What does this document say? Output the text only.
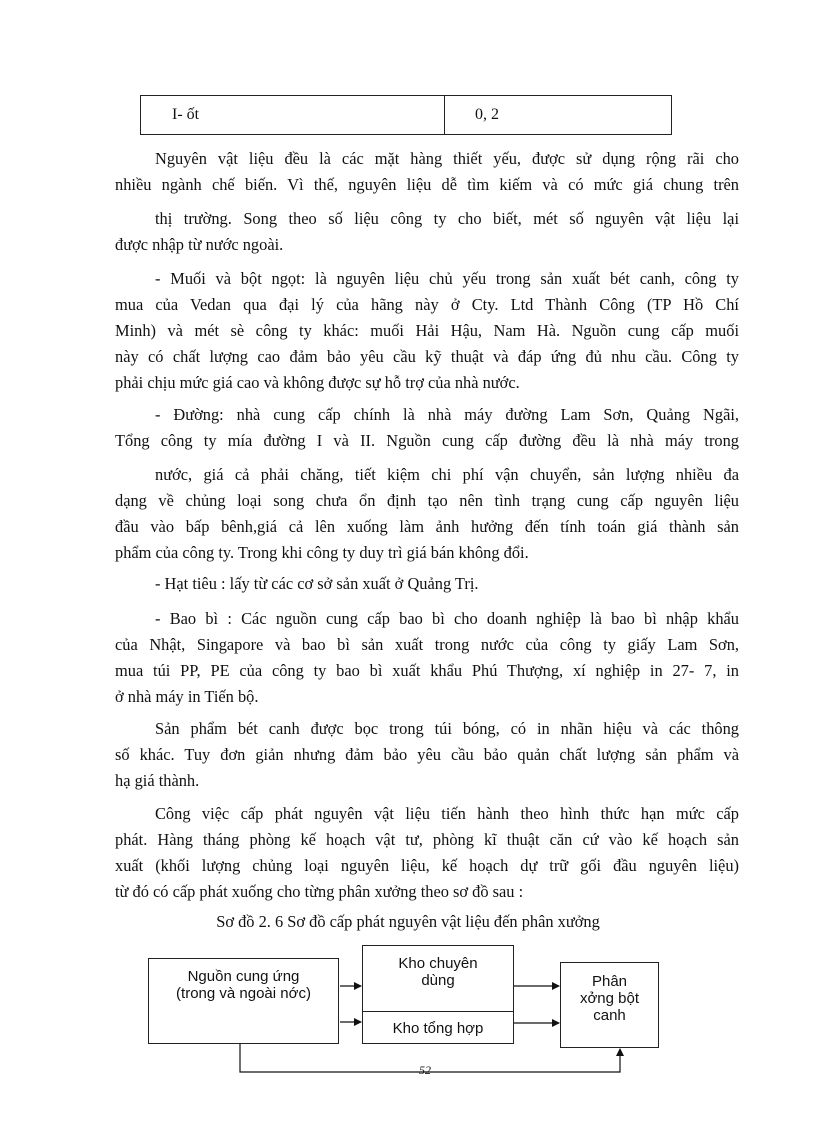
I- ốt	0, 2
Nguyên vật liệu đều là các mặt hàng thiết yếu, được sử dụng rộng rãi cho
nhiều ngành chế biến. Vì thế, nguyên liệu dễ tìm kiếm và có mức giá chung trên
thị trường. Song theo số liệu công ty cho biết, mét số nguyên vật liệu lại
được nhập từ nước ngoài.
- Muối và bột ngọt: là nguyên liệu chủ yếu trong sản xuất bét canh, công ty
mua của Vedan qua đại lý của hãng này ở Cty. Ltd Thành Công (TP Hồ Chí
Minh) và mét sè công ty khác: muối Hải Hậu, Nam Hà. Nguồn cung cấp muối
này có chất lượng cao đảm bảo yêu cầu kỹ thuật và đáp ứng đủ nhu cầu. Công ty
phải chịu mức giá cao và không được sự hỗ trợ của nhà nước.
- Đường: nhà cung cấp chính là nhà máy đường Lam Sơn, Quảng Ngãi,
Tổng công ty mía đường I và II. Nguồn cung cấp đường đều là nhà máy trong
nước, giá cả phải chăng, tiết kiệm chi phí vận chuyển, sản lượng nhiều đa
dạng về chủng loại song chưa ổn định tạo nên tình trạng cung cấp nguyên liệu
đầu vào bấp bênh,giá cả lên xuống làm ảnh hưởng đến tính toán giá thành sản
phẩm của công ty. Trong khi công ty duy trì giá bán không đổi.
- Hạt tiêu : lấy từ các cơ sở sản xuất ở Quảng Trị.
- Bao bì : Các nguồn cung cấp bao bì cho doanh nghiệp là bao bì nhập khẩu
của Nhật, Singapore và bao bì sản xuất trong nước của công ty giấy Lam Sơn,
mua túi PP, PE của công ty bao bì xuất khẩu Phú Thượng, xí nghiệp in 27- 7, in
ở nhà máy in Tiến bộ.
Sản phẩm bét canh được bọc trong túi bóng, có in nhãn hiệu và các thông
số khác. Tuy đơn giản nhưng đảm bảo yêu cầu bảo quản chất lượng sản phẩm và
hạ giá thành.
Công việc cấp phát nguyên vật liệu tiến hành theo hình thức hạn mức cấp
phát. Hàng tháng phòng kế hoạch vật tư, phòng kĩ thuật căn cứ vào kế hoạch sản
xuất (khối lượng chủng loại nguyên liệu, kế hoạch dự trữ gối đầu nguyên liệu)
từ đó có cấp phát xuống cho từng phân xưởng theo sơ đồ sau :
Sơ đồ 2. 6 Sơ đồ cấp phát nguyên vật liệu đến phân xưởng
Nguồn cung ứng
(trong và ngoài nớc)
Kho chuyên
dùng
Kho tổng hợp
Phân
xởng bột
canh
52
